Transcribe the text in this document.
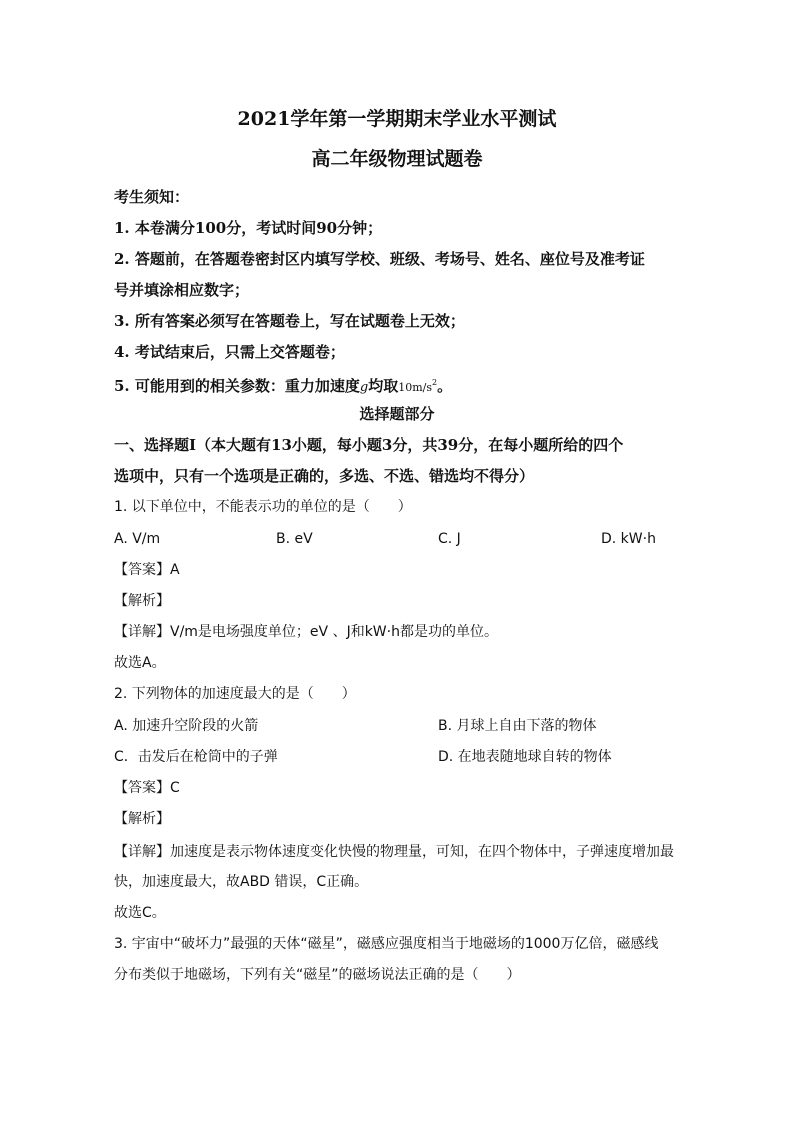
2021学年第一学期期末学业水平测试
高二年级物理试题卷
考生须知：
1. 本卷满分100分，考试时间90分钟；
2. 答题前，在答题卷密封区内填写学校、班级、考场号、姓名、座位号及准考证
号并填涂相应数字；
3. 所有答案必须写在答题卷上，写在试题卷上无效；
4. 考试结束后，只需上交答题卷；
5. 可能用到的相关参数：重力加速度g均取$10m/s^2$。
选择题部分
一、选择题Ⅰ（本大题有13小题，每小题3分，共39分，在每小题所给的四个
选项中，只有一个选项是正确的，多选、不选、错选均不得分）
1. 以下单位中，不能表示功的单位的是（　　）
A. V/m	B. eV	C. J	D. kW·h
【答案】A
【解析】
【详解】V/m是电场强度单位；eV 、J和kW·h都是功的单位。
故选A。
2. 下列物体的加速度最大的是（　　）
A. 加速升空阶段的火箭	B. 月球上自由下落的物体
C．击发后在枪筒中的子弹	D. 在地表随地球自转的物体
【答案】C
【解析】
【详解】加速度是表示物体速度变化快慢的物理量，可知，在四个物体中，子弹速度增加最
快，加速度最大，故ABD 错误，C正确。
故选C。
3. 宇宙中“破坏力”最强的天体“磁星”，磁感应强度相当于地磁场的1000万亿倍，磁感线
分布类似于地磁场，下列有关“磁星”的磁场说法正确的是（　　）
